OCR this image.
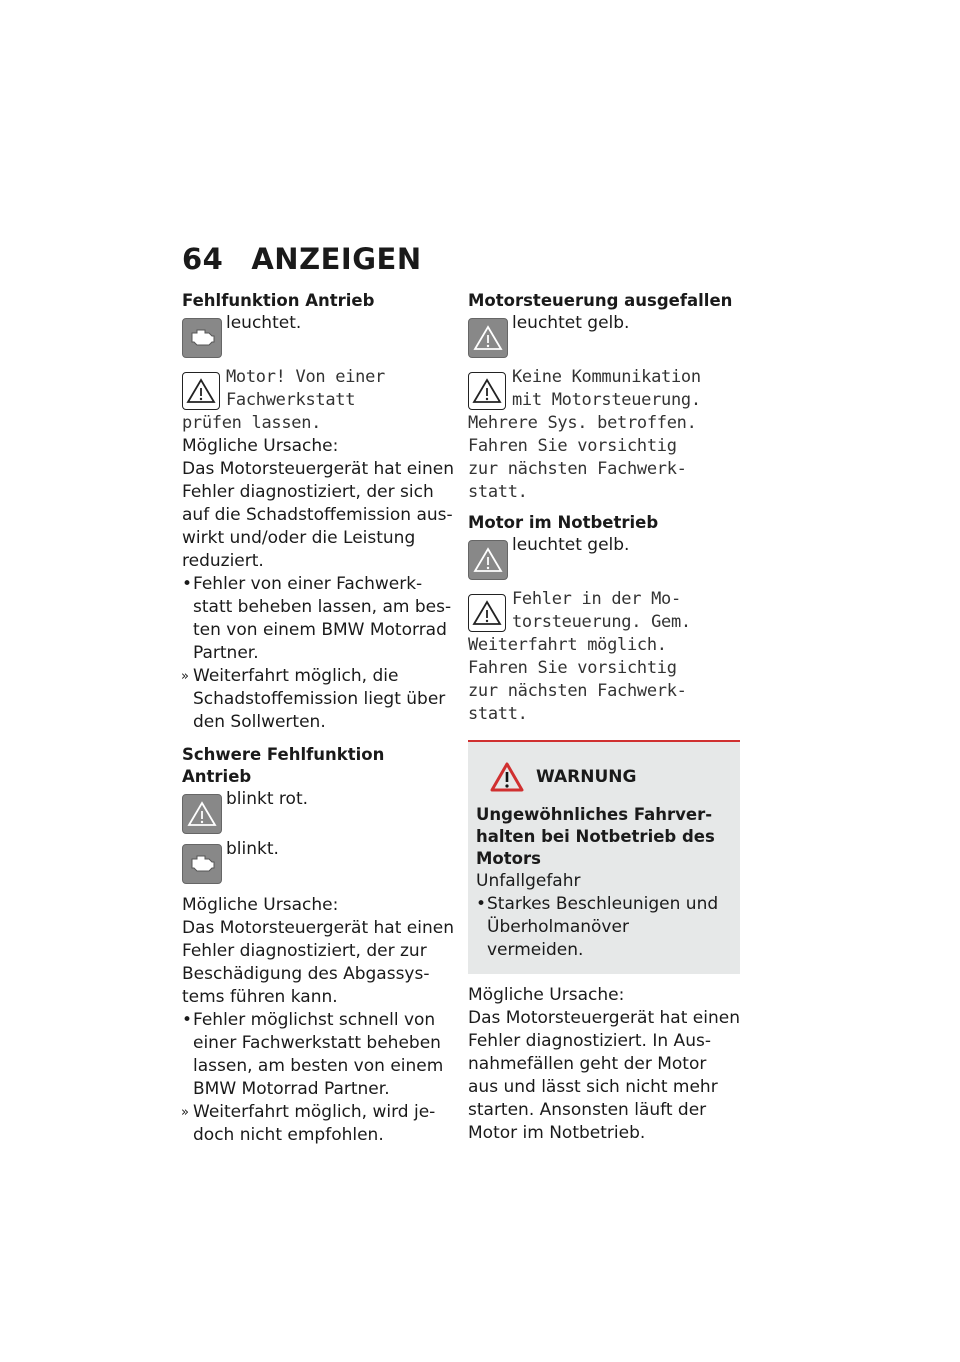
64 ANZEIGEN

Fehlfunktion Antrieb

leuchtet.

Motor! Von einer

Fachwerkstatt

prüfen lassen.

Mögliche Ursache:

Das Motorsteuergerät hat einen

Fehler diagnostiziert, der sich

auf die Schadstoffemission aus-

wirkt und/oder die Leistung

reduziert.

• Fehler von einer Fachwerk-
statt beheben lassen, am bes-
ten von einem BMW Motorrad
Partner.
» Weiterfahrt möglich, die
Schadstoffemission liegt über
den Sollwerten.

Schwere Fehlfunktion Antrieb

blinkt rot.

blinkt.

Mögliche Ursache:

Das Motorsteuergerät hat einen

Fehler diagnostiziert, der zur

Beschädigung des Abgassys-

tems führen kann.

• Fehler möglichst schnell von
einer Fachwerkstatt beheben
lassen, am besten von einem
BMW Motorrad Partner.
» Weiterfahrt möglich, wird je-
doch nicht empfohlen.

Motorsteuerung ausgefallen

leuchtet gelb.

Keine Kommunikation

mit Motorsteuerung.

Mehrere Sys. betroffen.

Fahren Sie vorsichtig

zur nächsten Fachwerk-

statt.

Motor im Notbetrieb

leuchtet gelb.

Fehler in der Mo-

torsteuerung. Gem.

Weiterfahrt möglich.

Fahren Sie vorsichtig

zur nächsten Fachwerk-

statt.

WARNUNG

Ungewöhnliches Fahrver-

halten bei Notbetrieb des

Motors

Unfallgefahr

• Starkes Beschleunigen und
Überholmanöver vermeiden.

Mögliche Ursache:

Das Motorsteuergerät hat einen

Fehler diagnostiziert. In Aus-

nahmefällen geht der Motor

aus und lässt sich nicht mehr

starten. Ansonsten läuft der

Motor im Notbetrieb.
